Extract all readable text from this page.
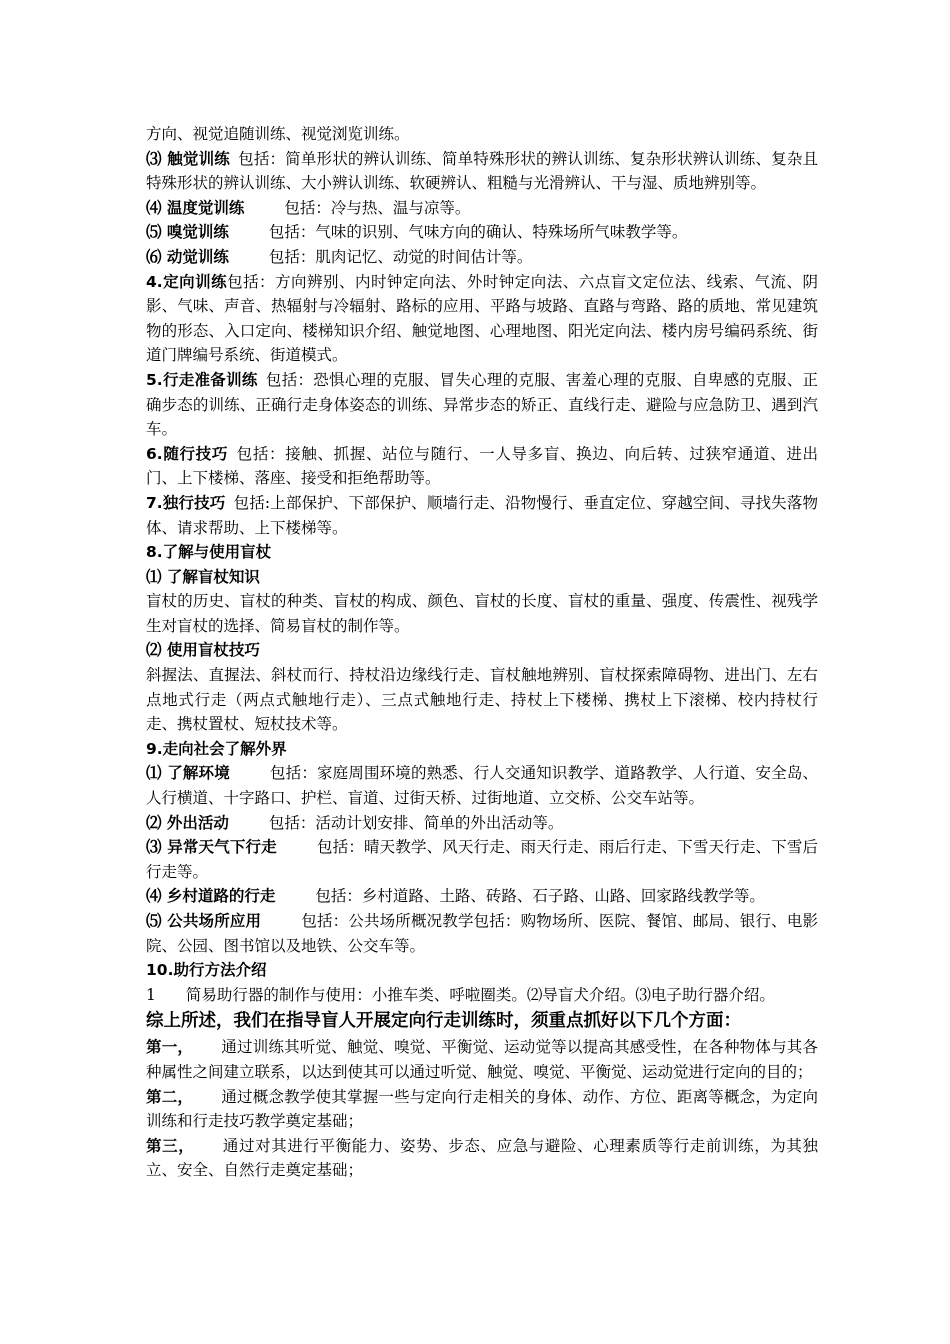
方向、视觉追随训练、视觉浏览训练。

⑶ 触觉训练 包括：简单形状的辨认训练、简单特殊形状的辨认训练、复杂形状辨认训练、复杂且特殊形状的辨认训练、大小辨认训练、软硬辨认、粗糙与光滑辨认、干与湿、质地辨别等。

⑷ 温度觉训练	包括：冷与热、温与凉等。

⑸ 嗅觉训练	包括：气味的识别、气味方向的确认、特殊场所气味教学等。

⑹ 动觉训练	包括：肌肉记忆、动觉的时间估计等。

4.定向训练包括：方向辨别、内时钟定向法、外时钟定向法、六点盲文定位法、线索、气流、阴影、气味、声音、热辐射与冷辐射、路标的应用、平路与坡路、直路与弯路、路的质地、常见建筑物的形态、入口定向、楼梯知识介绍、触觉地图、心理地图、阳光定向法、楼内房号编码系统、街道门牌编号系统、街道模式。

5.行走准备训练 包括：恐惧心理的克服、冒失心理的克服、害羞心理的克服、自卑感的克服、正确步态的训练、正确行走身体姿态的训练、异常步态的矫正、直线行走、避险与应急防卫、遇到汽车。

6.随行技巧 包括：接触、抓握、站位与随行、一人导多盲、换边、向后转、过狭窄通道、进出门、上下楼梯、落座、接受和拒绝帮助等。

7.独行技巧 包括:上部保护、下部保护、顺墙行走、沿物慢行、垂直定位、穿越空间、寻找失落物体、请求帮助、上下楼梯等。

8.了解与使用盲杖

⑴ 了解盲杖知识

盲杖的历史、盲杖的种类、盲杖的构成、颜色、盲杖的长度、盲杖的重量、强度、传震性、视残学生对盲杖的选择、简易盲杖的制作等。

⑵ 使用盲杖技巧

斜握法、直握法、斜杖而行、持杖沿边缘线行走、盲杖触地辨别、盲杖探索障碍物、进出门、左右点地式行走（两点式触地行走）、三点式触地行走、持杖上下楼梯、携杖上下滚梯、校内持杖行走、携杖置杖、短杖技术等。

9.走向社会了解外界

⑴ 了解环境	包括：家庭周围环境的熟悉、行人交通知识教学、道路教学、人行道、安全岛、人行横道、十字路口、护栏、盲道、过街天桥、过街地道、立交桥、公交车站等。

⑵ 外出活动	包括：活动计划安排、简单的外出活动等。

⑶ 异常天气下行走	包括：晴天教学、风天行走、雨天行走、雨后行走、下雪天行走、下雪后行走等。

⑷ 乡村道路的行走	包括：乡村道路、土路、砖路、石子路、山路、回家路线教学等。

⑸ 公共场所应用	包括：公共场所概况教学包括：购物场所、医院、餐馆、邮局、银行、电影院、公园、图书馆以及地铁、公交车等。

10.助行方法介绍

1 简易助行器的制作与使用：小推车类、呼啦圈类。⑵导盲犬介绍。⑶电子助行器介绍。

综上所述，我们在指导盲人开展定向行走训练时，须重点抓好以下几个方面：

第一， 通过训练其听觉、触觉、嗅觉、平衡觉、运动觉等以提高其感受性，在各种物体与其各种属性之间建立联系，以达到使其可以通过听觉、触觉、嗅觉、平衡觉、运动觉进行定向的目的；

第二， 通过概念教学使其掌握一些与定向行走相关的身体、动作、方位、距离等概念，为定向训练和行走技巧教学奠定基础；

第三， 通过对其进行平衡能力、姿势、步态、应急与避险、心理素质等行走前训练，为其独立、安全、自然行走奠定基础；
